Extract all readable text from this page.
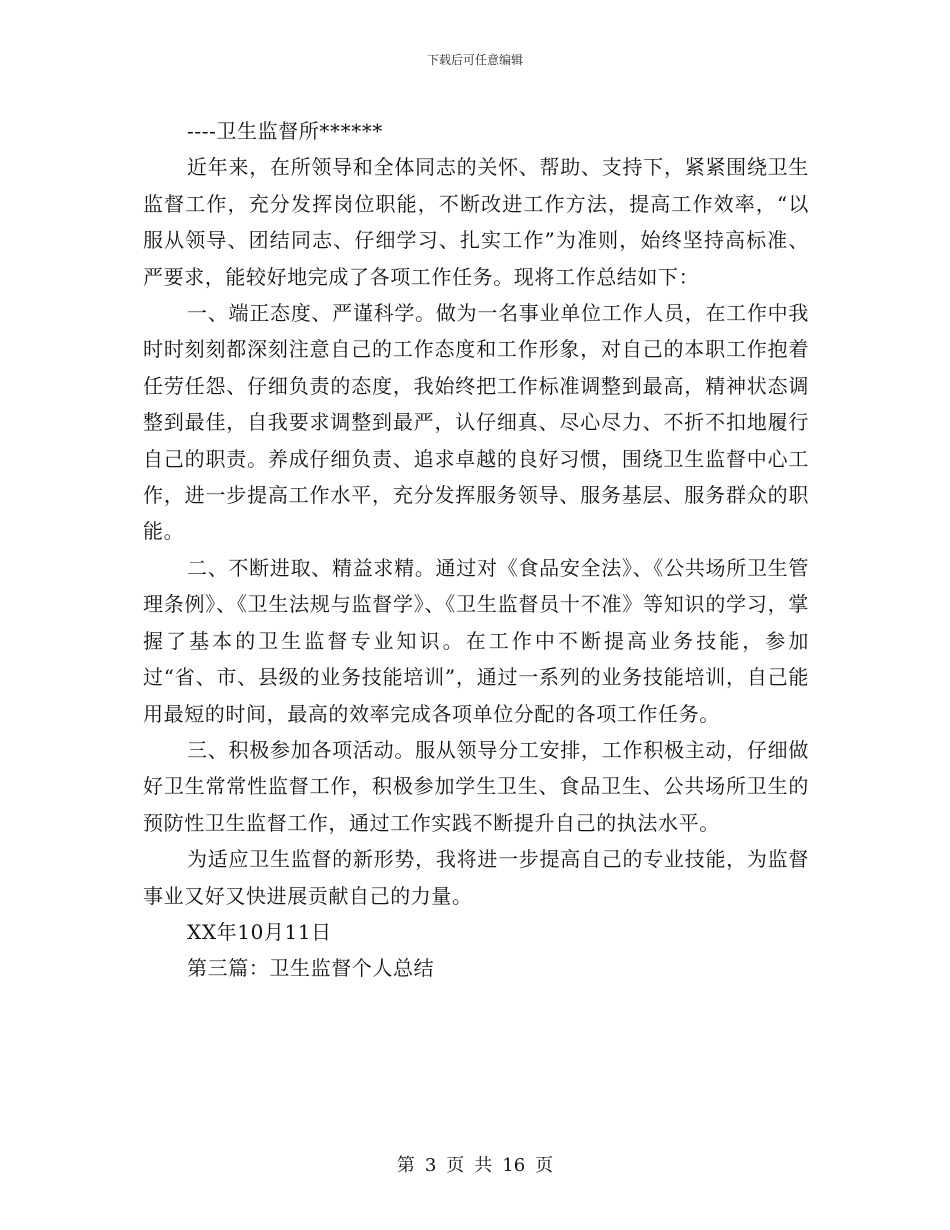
下载后可任意编辑

----卫生监督所******

近年来，在所领导和全体同志的关怀、帮助、支持下，紧紧围绕卫生监督工作，充分发挥岗位职能，不断改进工作方法，提高工作效率，“以服从领导、团结同志、仔细学习、扎实工作”为准则，始终坚持高标准、严要求，能较好地完成了各项工作任务。现将工作总结如下：

一、端正态度、严谨科学。做为一名事业单位工作人员，在工作中我时时刻刻都深刻注意自己的工作态度和工作形象，对自己的本职工作抱着任劳任怨、仔细负责的态度，我始终把工作标准调整到最高，精神状态调整到最佳，自我要求调整到最严，认仔细真、尽心尽力、不折不扣地履行自己的职责。养成仔细负责、追求卓越的良好习惯，围绕卫生监督中心工作，进一步提高工作水平，充分发挥服务领导、服务基层、服务群众的职能。

二、不断进取、精益求精。通过对《食品安全法》、《公共场所卫生管理条例》、《卫生法规与监督学》、《卫生监督员十不准》等知识的学习，掌握了基本的卫生监督专业知识。在工作中不断提高业务技能，参加过“省、市、县级的业务技能培训”，通过一系列的业务技能培训，自己能用最短的时间，最高的效率完成各项单位分配的各项工作任务。

三、积极参加各项活动。服从领导分工安排，工作积极主动，仔细做好卫生常常性监督工作，积极参加学生卫生、食品卫生、公共场所卫生的预防性卫生监督工作，通过工作实践不断提升自己的执法水平。

为适应卫生监督的新形势，我将进一步提高自己的专业技能，为监督事业又好又快进展贡献自己的力量。

XX年10月11日

第三篇：卫生监督个人总结

第 3 页 共 16 页
